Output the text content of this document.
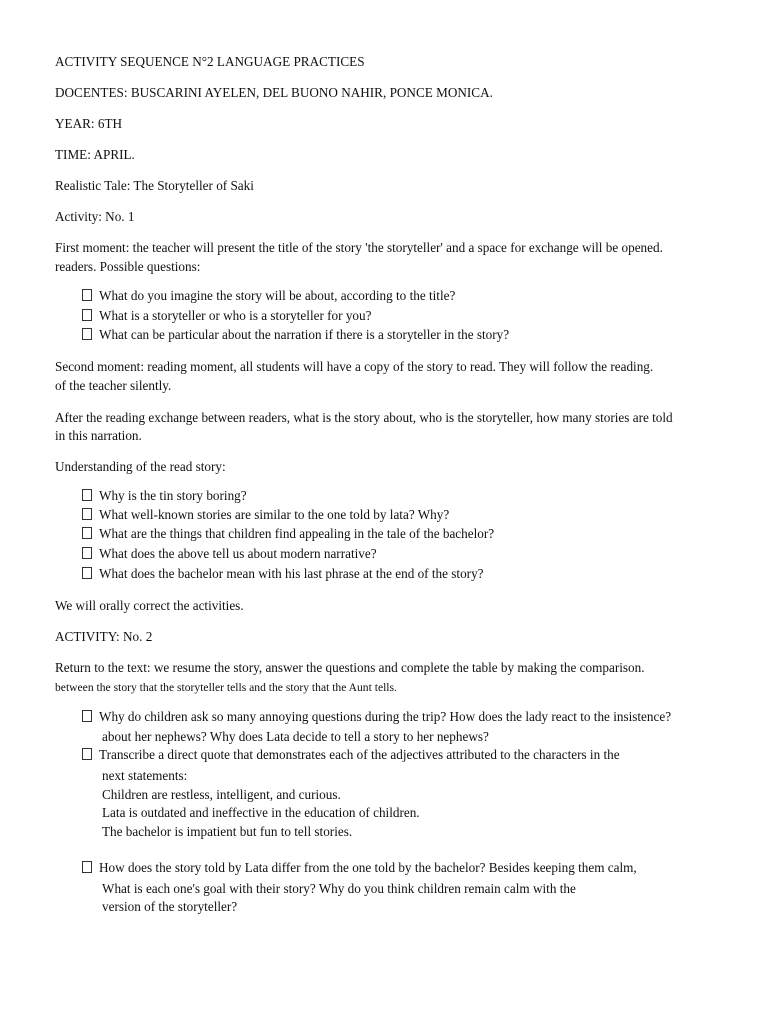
ACTIVITY SEQUENCE N°2 LANGUAGE PRACTICES
DOCENTES: BUSCARINI AYELEN, DEL BUONO NAHIR, PONCE MONICA.
YEAR: 6TH
TIME: APRIL.
Realistic Tale: The Storyteller of Saki
Activity: No. 1
First moment: the teacher will present the title of the story 'the storyteller' and a space for exchange will be opened.
readers. Possible questions:
What do you imagine the story will be about, according to the title?
What is a storyteller or who is a storyteller for you?
What can be particular about the narration if there is a storyteller in the story?
Second moment: reading moment, all students will have a copy of the story to read. They will follow the reading.
of the teacher silently.
After the reading exchange between readers, what is the story about, who is the storyteller, how many stories are told
in this narration.
Understanding of the read story:
Why is the tin story boring?
What well-known stories are similar to the one told by lata? Why?
What are the things that children find appealing in the tale of the bachelor?
What does the above tell us about modern narrative?
What does the bachelor mean with his last phrase at the end of the story?
We will orally correct the activities.
ACTIVITY: No. 2
Return to the text: we resume the story, answer the questions and complete the table by making the comparison.
between the story that the storyteller tells and the story that the Aunt tells.
Why do children ask so many annoying questions during the trip? How does the lady react to the insistence?
about her nephews? Why does Lata decide to tell a story to her nephews?
Transcribe a direct quote that demonstrates each of the adjectives attributed to the characters in the
next statements:
Children are restless, intelligent, and curious.
Lata is outdated and ineffective in the education of children.
The bachelor is impatient but fun to tell stories.
How does the story told by Lata differ from the one told by the bachelor? Besides keeping them calm,
What is each one's goal with their story? Why do you think children remain calm with the
version of the storyteller?
